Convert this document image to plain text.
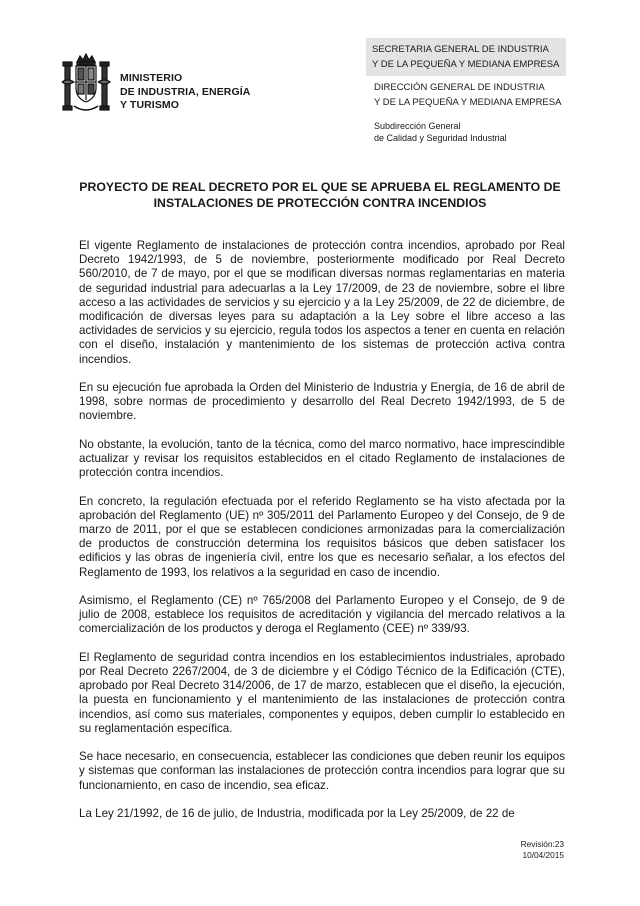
MINISTERIO
DE INDUSTRIA, ENERGÍA
Y TURISMO
SECRETARIA GENERAL DE INDUSTRIA
Y DE LA PEQUEÑA Y MEDIANA EMPRESA
DIRECCIÓN GENERAL DE INDUSTRIA
Y DE LA PEQUEÑA Y MEDIANA EMPRESA
Subdirección General
de Calidad y Seguridad Industrial
PROYECTO DE REAL DECRETO POR EL QUE SE APRUEBA EL REGLAMENTO DE
INSTALACIONES DE PROTECCIÓN CONTRA INCENDIOS

El vigente Reglamento de instalaciones de protección contra incendios, aprobado por Real Decreto 1942/1993, de 5 de noviembre, posteriormente modificado por Real Decreto 560/2010, de 7 de mayo, por el que se modifican diversas normas reglamentarias en materia de seguridad industrial para adecuarlas a la Ley 17/2009, de 23 de noviembre, sobre el libre acceso a las actividades de servicios y su ejercicio y a la Ley 25/2009, de 22 de diciembre, de modificación de diversas leyes para su adaptación a la Ley sobre el libre acceso a las actividades de servicios y su ejercicio, regula todos los aspectos a tener en cuenta en relación con el diseño, instalación y mantenimiento de los sistemas de protección activa contra incendios.

En su ejecución fue aprobada la Orden del Ministerio de Industria y Energía, de 16 de abril de 1998, sobre normas de procedimiento y desarrollo del Real Decreto 1942/1993, de 5 de noviembre.

No obstante, la evolución, tanto de la técnica, como del marco normativo, hace imprescindible actualizar y revisar los requisitos establecidos en el citado Reglamento de instalaciones de protección contra incendios.

En concreto, la regulación efectuada por el referido Reglamento se ha visto afectada por la aprobación del Reglamento (UE) nº 305/2011 del Parlamento Europeo y del Consejo, de 9 de marzo de 2011, por el que se establecen condiciones armonizadas para la comercialización de productos de construcción determina los requisitos básicos que deben satisfacer los edificios y las obras de ingeniería civil, entre los que es necesario señalar, a los efectos del Reglamento de 1993, los relativos a la seguridad en caso de incendio.

Asimismo, el Reglamento (CE) nº 765/2008 del Parlamento Europeo y el Consejo, de 9 de julio de 2008, establece los requisitos de acreditación y vigilancia del mercado relativos a la comercialización de los productos y deroga el Reglamento (CEE) nº 339/93.

El Reglamento de seguridad contra incendios en los establecimientos industriales, aprobado por Real Decreto 2267/2004, de 3 de diciembre y el Código Técnico de la Edificación (CTE), aprobado por Real Decreto 314/2006, de 17 de marzo, establecen que el diseño, la ejecución, la puesta en funcionamiento y el mantenimiento de las instalaciones de protección contra incendios, así como sus materiales, componentes y equipos, deben cumplir lo establecido en su reglamentación específica.

Se hace necesario, en consecuencia, establecer las condiciones que deben reunir los equipos y sistemas que conforman las instalaciones de protección contra incendios para lograr que su funcionamiento, en caso de incendio, sea eficaz.

La Ley 21/1992, de 16 de julio, de Industria, modificada por la Ley 25/2009, de 22 de

Revisión:23
10/04/2015
